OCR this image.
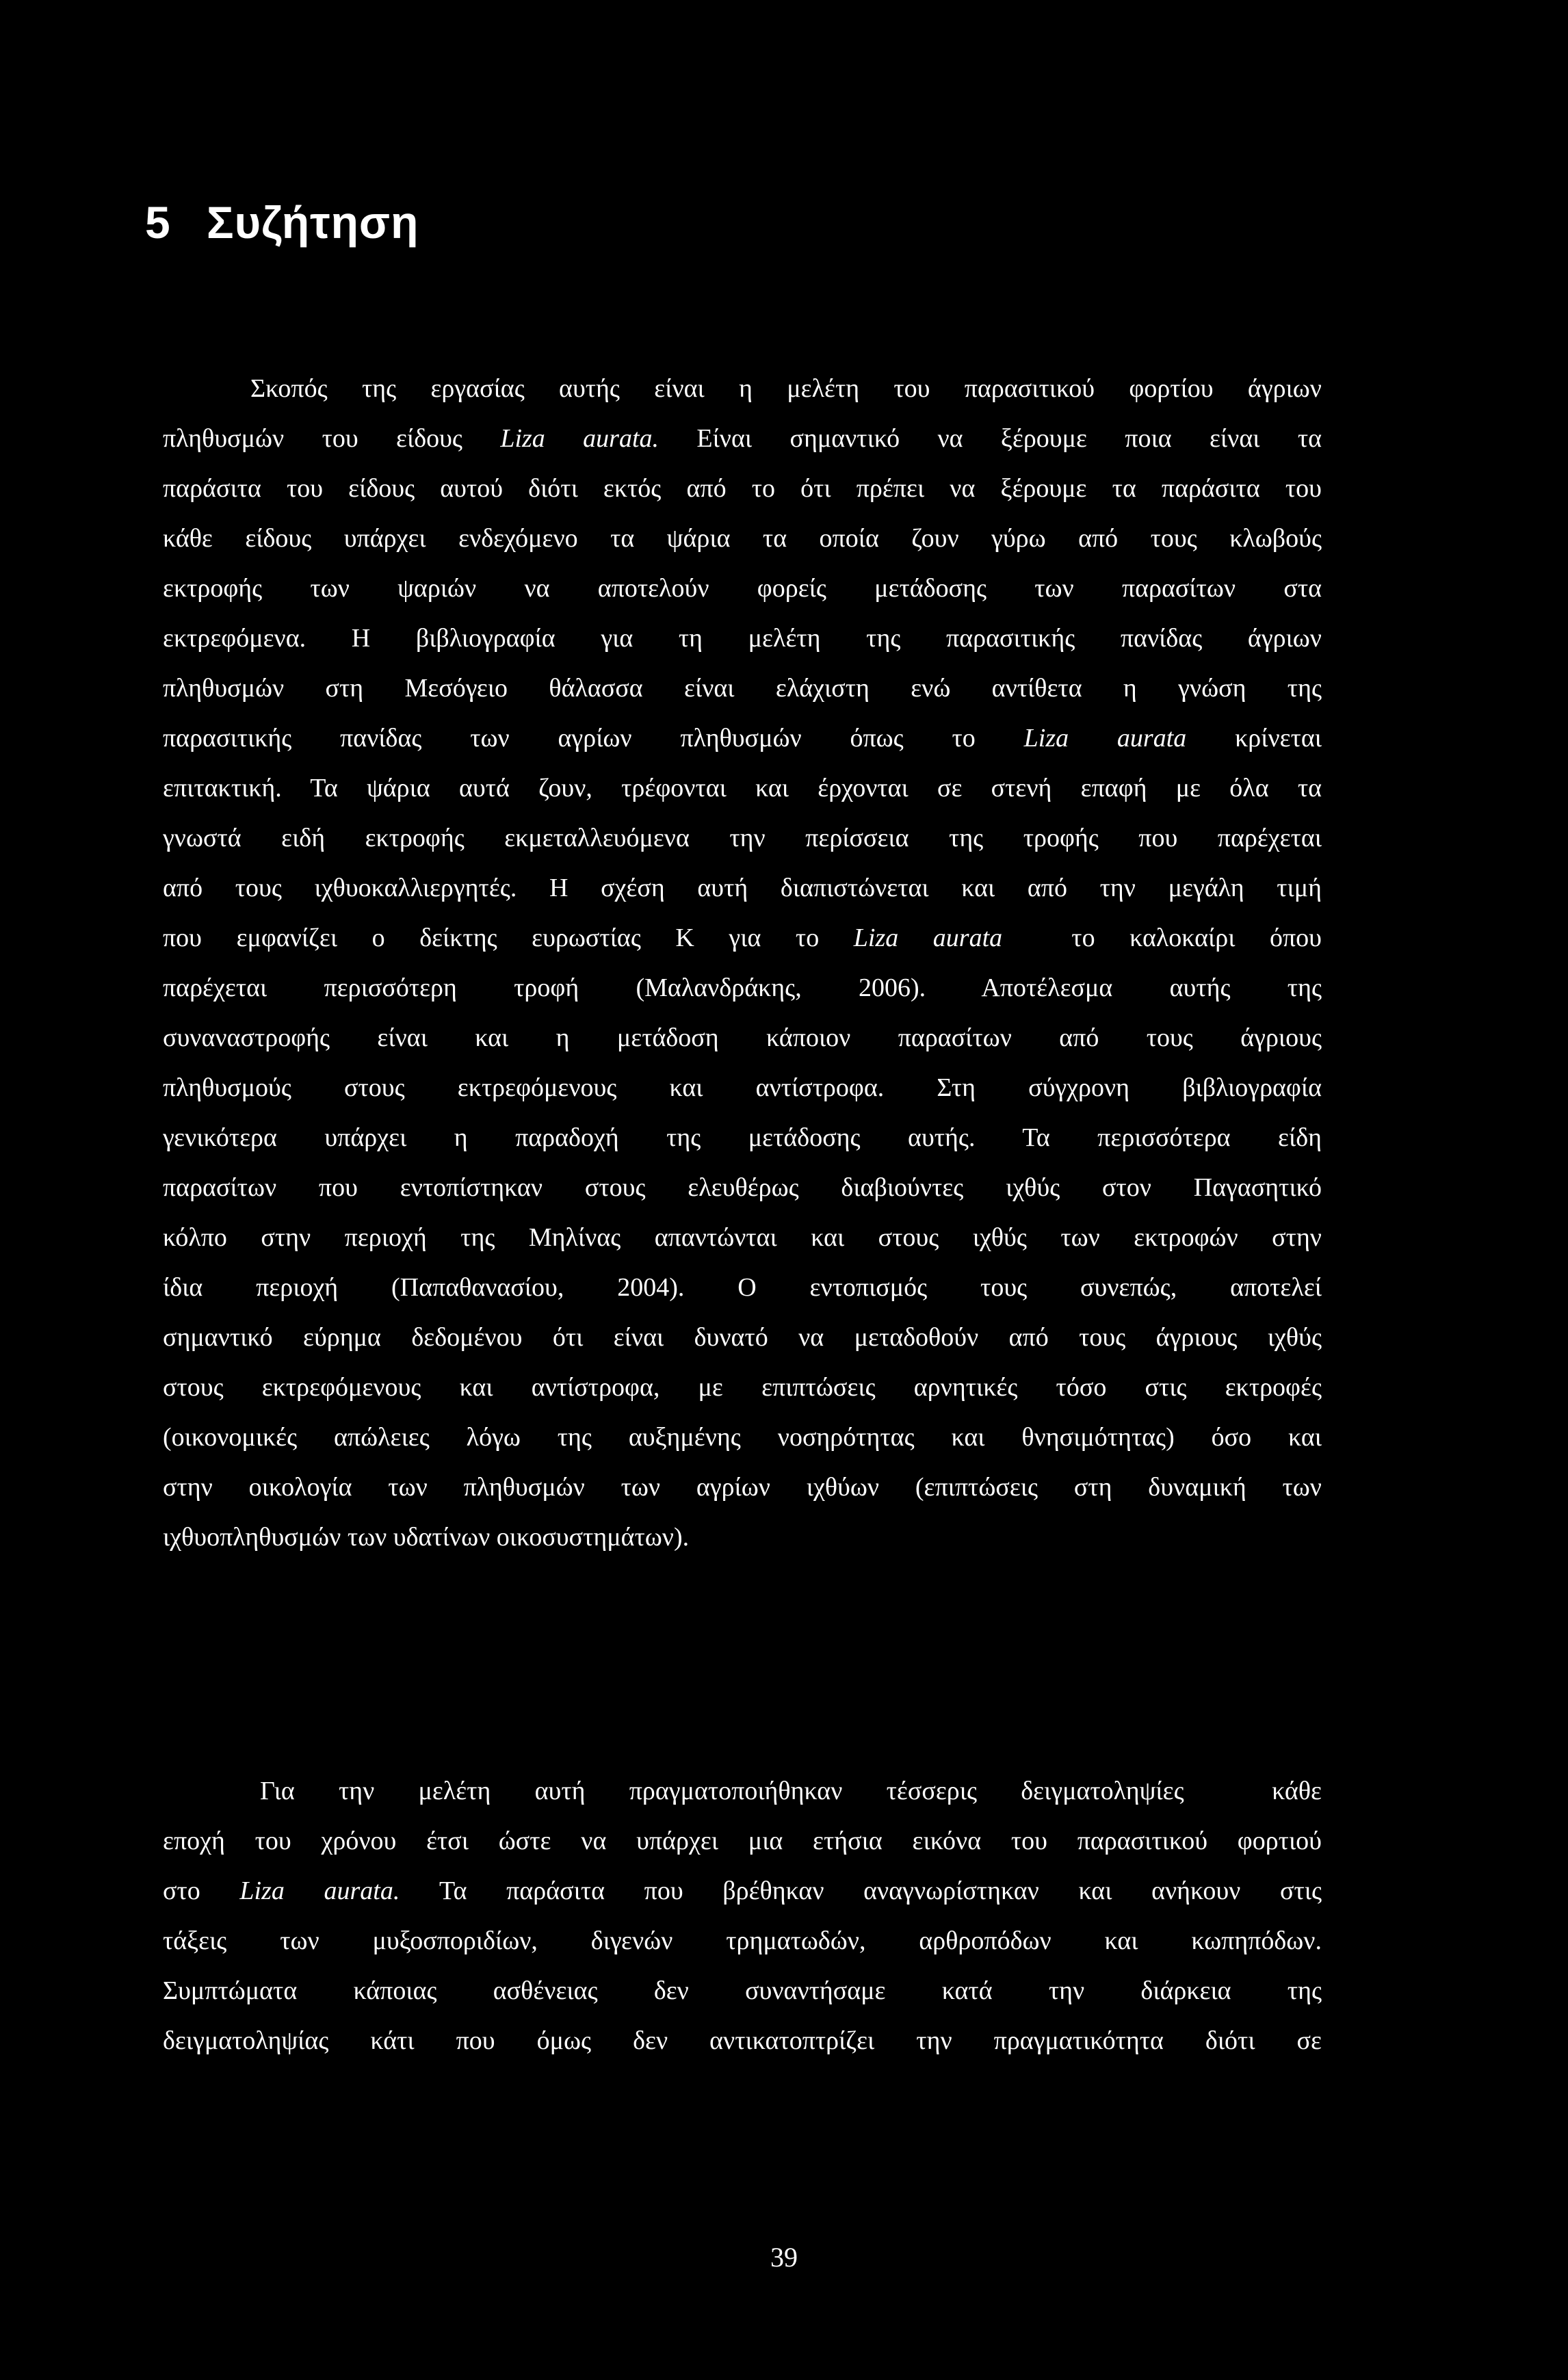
5 Συζήτηση
Σκοπός της εργασίας αυτής είναι η μελέτη του παρασιτικού φορτίου άγριων
πληθυσμών του είδους Liza aurata. Είναι σημαντικό να ξέρουμε ποια είναι τα
παράσιτα του είδους αυτού διότι εκτός από το ότι πρέπει να ξέρουμε τα παράσιτα του
κάθε είδους υπάρχει ενδεχόμενο τα ψάρια τα οποία ζουν γύρω από τους κλωβούς
εκτροφής των ψαριών να αποτελούν φορείς μετάδοσης των παρασίτων στα
εκτρεφόμενα. Η βιβλιογραφία για τη μελέτη της παρασιτικής πανίδας άγριων
πληθυσμών στη Μεσόγειο θάλασσα είναι ελάχιστη ενώ αντίθετα η γνώση της
παρασιτικής πανίδας των αγρίων πληθυσμών όπως το Liza aurata κρίνεται
επιτακτική. Τα ψάρια αυτά ζουν, τρέφονται και έρχονται σε στενή επαφή με όλα τα
γνωστά ειδή εκτροφής εκμεταλλευόμενα την περίσσεια της τροφής που παρέχεται
από τους ιχθυοκαλλιεργητές. Η σχέση αυτή διαπιστώνεται και από την μεγάλη τιμή
που εμφανίζει ο δείκτης ευρωστίας K για το Liza aurata  το καλοκαίρι όπου
παρέχεται περισσότερη τροφή (Μαλανδράκης, 2006). Αποτέλεσμα αυτής της
συναναστροφής είναι και η μετάδοση κάποιον παρασίτων από τους άγριους
πληθυσμούς στους εκτρεφόμενους και αντίστροφα. Στη σύγχρονη βιβλιογραφία
γενικότερα υπάρχει η παραδοχή της μετάδοσης αυτής. Τα περισσότερα είδη
παρασίτων που εντοπίστηκαν στους ελευθέρως διαβιούντες ιχθύς στον Παγασητικό
κόλπο στην περιοχή της Μηλίνας απαντώνται και στους ιχθύς των εκτροφών στην
ίδια περιοχή (Παπαθανασίου, 2004). Ο εντοπισμός τους συνεπώς, αποτελεί
σημαντικό εύρημα δεδομένου ότι είναι δυνατό να μεταδοθούν από τους άγριους ιχθύς
στους εκτρεφόμενους και αντίστροφα, με επιπτώσεις αρνητικές τόσο στις εκτροφές
(οικονομικές απώλειες λόγω της αυξημένης νοσηρότητας και θνησιμότητας) όσο και
στην οικολογία των πληθυσμών των αγρίων ιχθύων (επιπτώσεις στη δυναμική των
ιχθυοπληθυσμών των υδατίνων οικοσυστημάτων).
Για την μελέτη αυτή πραγματοποιήθηκαν τέσσερις δειγματοληψίες  κάθε
εποχή του χρόνου έτσι ώστε να υπάρχει μια ετήσια εικόνα του παρασιτικού φορτιού
στο Liza aurata. Τα παράσιτα που βρέθηκαν αναγνωρίστηκαν και ανήκουν στις
τάξεις των μυξοσποριδίων, διγενών τρηματωδών, αρθροπόδων και κωπηπόδων.
Συμπτώματα κάποιας ασθένειας δεν συναντήσαμε κατά την διάρκεια της
δειγματοληψίας κάτι που όμως δεν αντικατοπτρίζει την πραγματικότητα διότι σε
39
